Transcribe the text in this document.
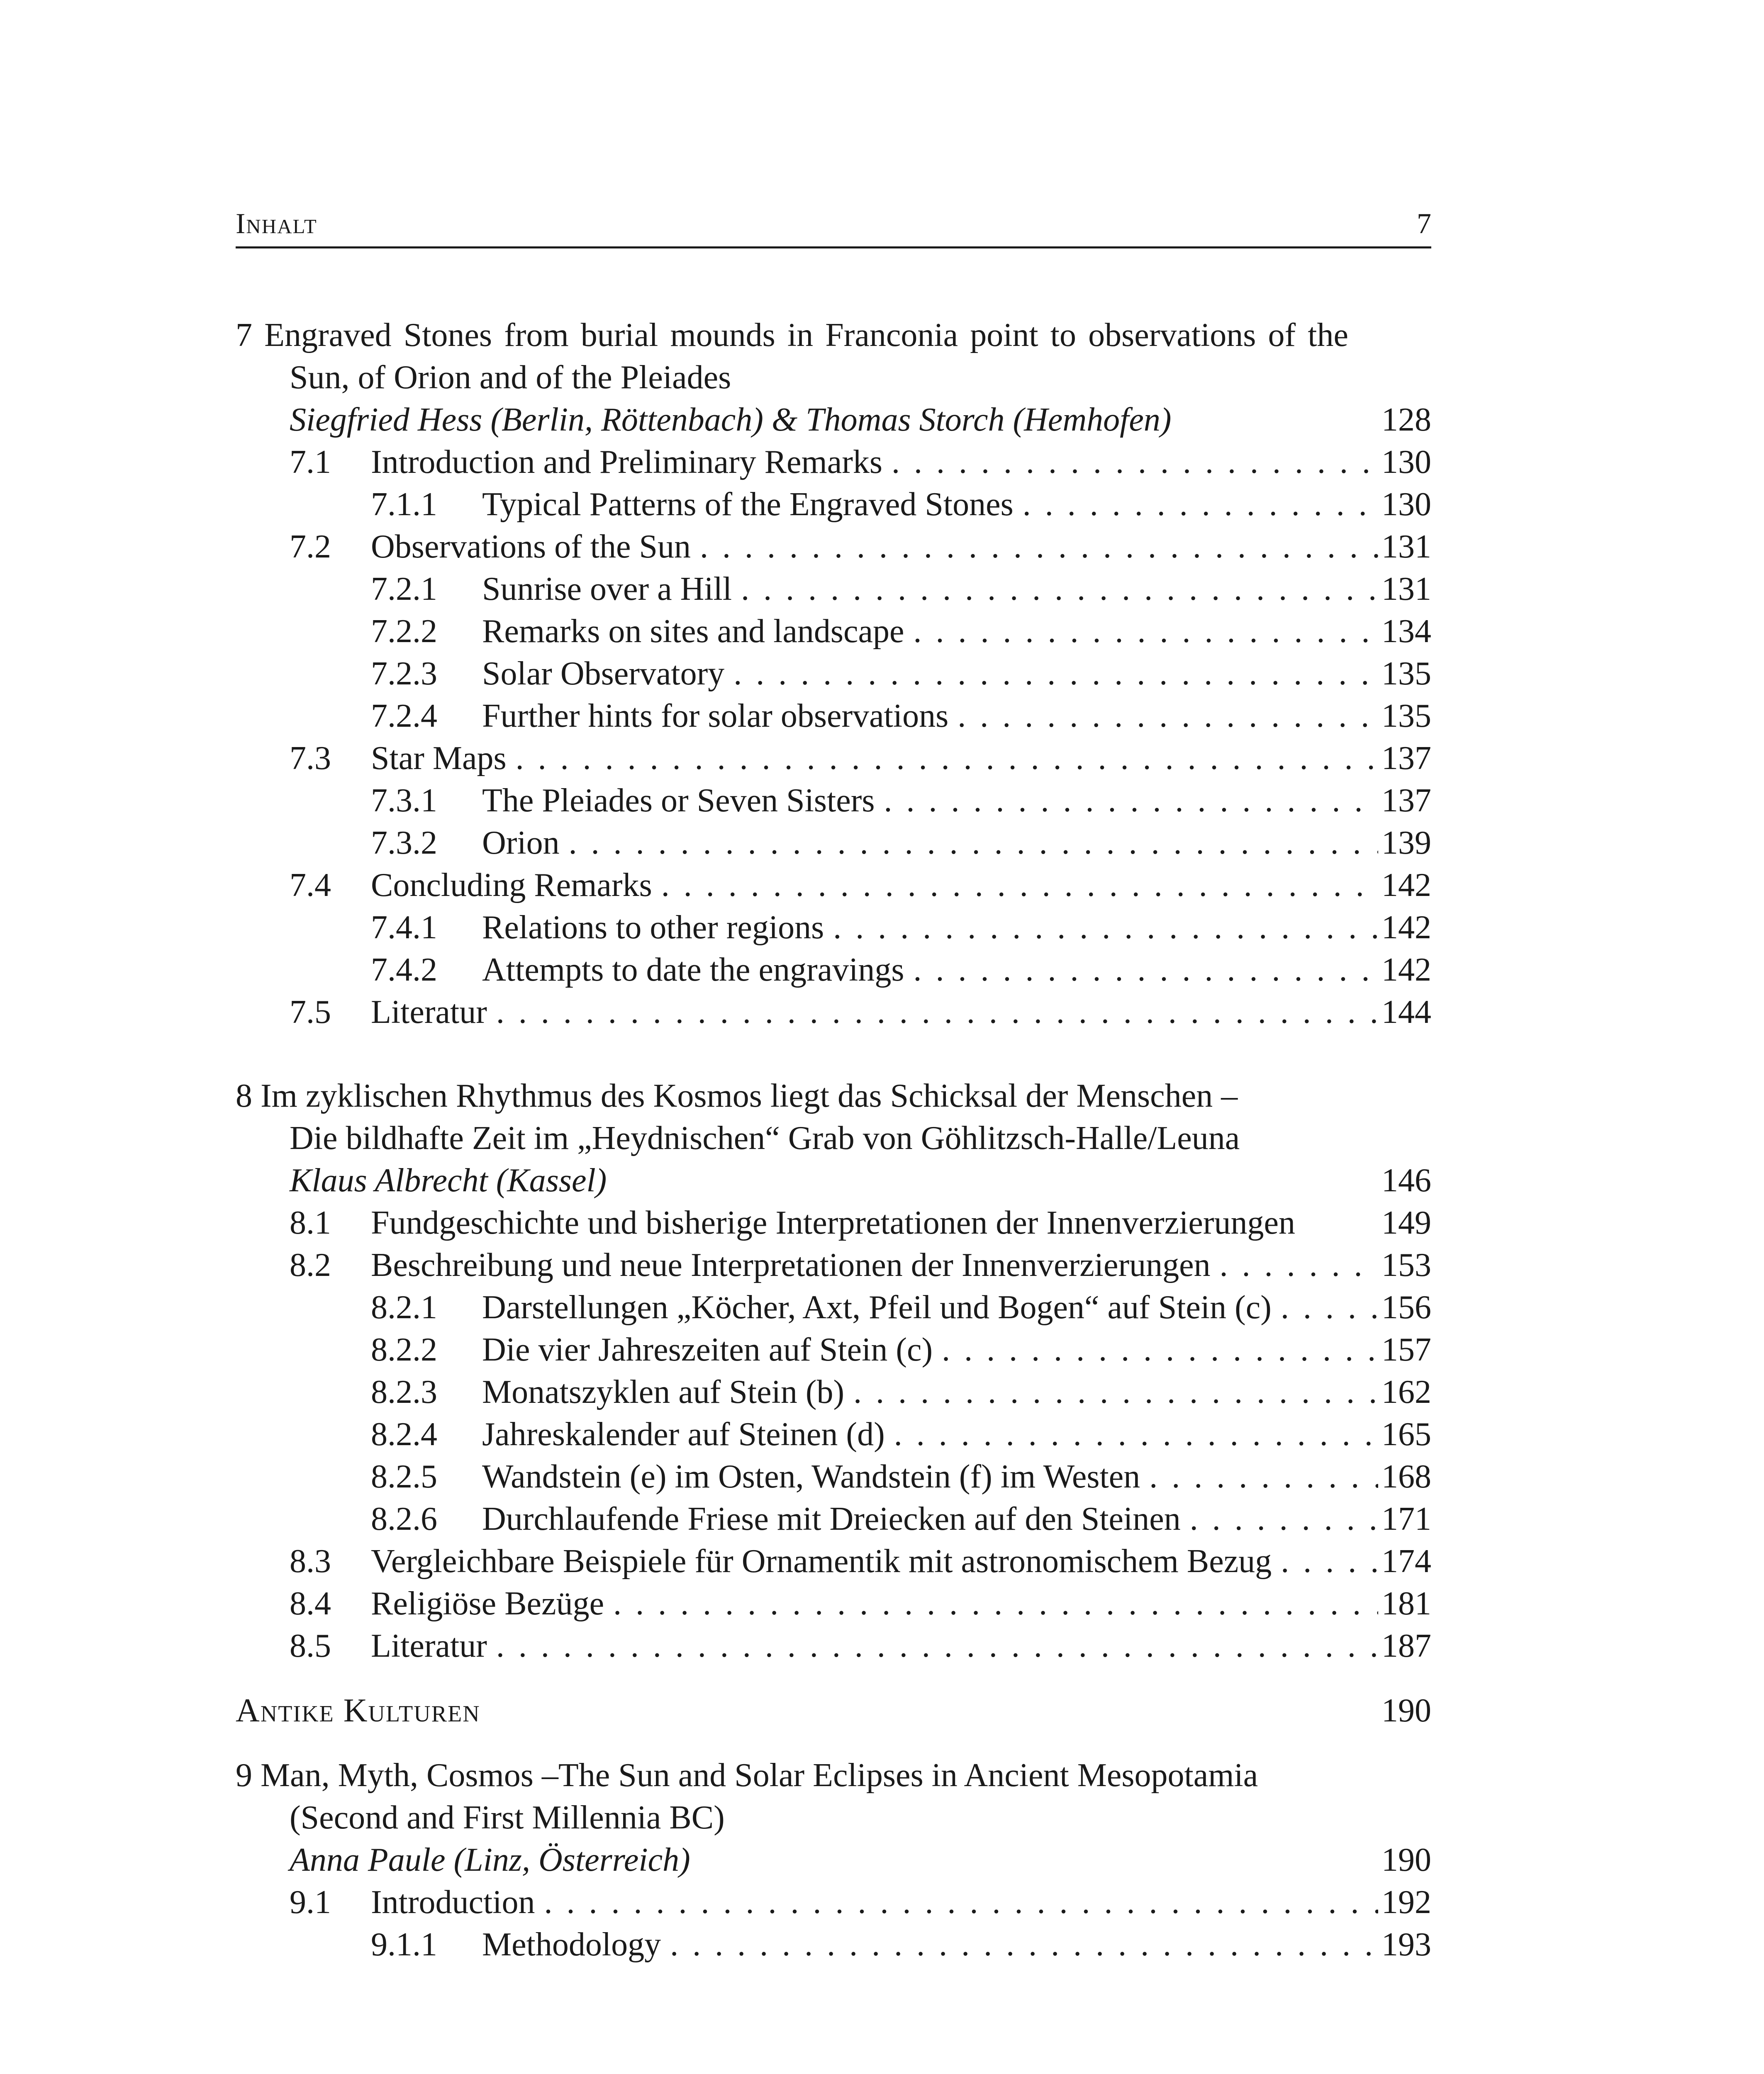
Inhalt	7
7 Engraved Stones from burial mounds in Franconia point to observations of the Sun, of Orion and of the Pleiades
Siegfried Hess (Berlin, Röttenbach) & Thomas Storch (Hemhofen)	128
7.1	Introduction and Preliminary Remarks . . .	130
7.1.1	Typical Patterns of the Engraved Stones . . .	130
7.2	Observations of the Sun . . .	131
7.2.1	Sunrise over a Hill . . .	131
7.2.2	Remarks on sites and landscape . . .	134
7.2.3	Solar Observatory . . .	135
7.2.4	Further hints for solar observations . . .	135
7.3	Star Maps . . .	137
7.3.1	The Pleiades or Seven Sisters . . .	137
7.3.2	Orion . . .	139
7.4	Concluding Remarks . . .	142
7.4.1	Relations to other regions . . .	142
7.4.2	Attempts to date the engravings . . .	142
7.5	Literatur . . .	144
8 Im zyklischen Rhythmus des Kosmos liegt das Schicksal der Menschen –
Die bildhafte Zeit im „Heydnischen“ Grab von Göhlitzsch-Halle/Leuna
Klaus Albrecht (Kassel)	146
8.1	Fundgeschichte und bisherige Interpretationen der Innenverzierungen	149
8.2	Beschreibung und neue Interpretationen der Innenverzierungen . . .	153
8.2.1	Darstellungen „Köcher, Axt, Pfeil und Bogen“ auf Stein (c) . . .	156
8.2.2	Die vier Jahreszeiten auf Stein (c) . . .	157
8.2.3	Monatszyklen auf Stein (b) . . .	162
8.2.4	Jahreskalender auf Steinen (d) . . .	165
8.2.5	Wandstein (e) im Osten, Wandstein (f) im Westen . . .	168
8.2.6	Durchlaufende Friese mit Dreiecken auf den Steinen . . .	171
8.3	Vergleichbare Beispiele für Ornamentik mit astronomischem Bezug . . .	174
8.4	Religiöse Bezüge . . .	181
8.5	Literatur . . .	187
Antike Kulturen	190
9 Man, Myth, Cosmos –The Sun and Solar Eclipses in Ancient Mesopotamia
(Second and First Millennia BC)
Anna Paule (Linz, Österreich)	190
9.1	Introduction . . .	192
9.1.1	Methodology . . .	193
